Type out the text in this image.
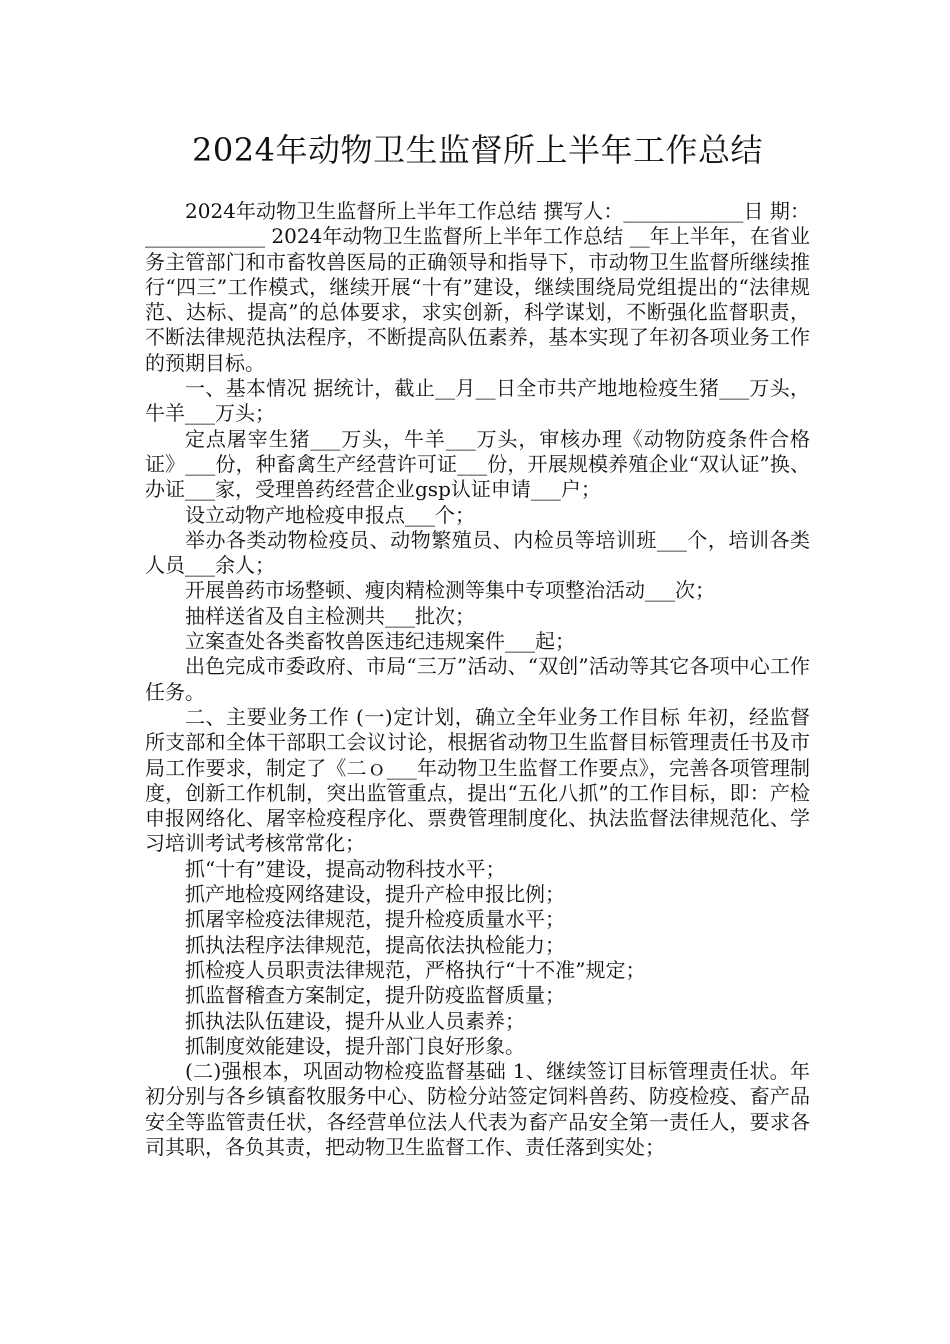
2024年动物卫生监督所上半年工作总结

2024年动物卫生监督所上半年工作总结 撰写人：____________日 期：____________ 2024年动物卫生监督所上半年工作总结 __年上半年，在省业务主管部门和市畜牧兽医局的正确领导和指导下，市动物卫生监督所继续推行“四三”工作模式，继续开展“十有”建设，继续围绕局党组提出的“法律规范、达标、提高”的总体要求，求实创新，科学谋划，不断强化监督职责，不断法律规范执法程序，不断提高队伍素养，基本实现了年初各项业务工作的预期目标。

一、基本情况 据统计，截止__月__日全市共产地地检疫生猪___万头，牛羊___万头；

定点屠宰生猪___万头，牛羊___万头，审核办理《动物防疫条件合格证》___份，种畜禽生产经营许可证___份，开展规模养殖企业“双认证”换、办证___家，受理兽药经营企业gsp认证申请___户；

设立动物产地检疫申报点___个；

举办各类动物检疫员、动物繁殖员、内检员等培训班___个，培训各类人员___余人；

开展兽药市场整顿、瘦肉精检测等集中专项整治活动___次；

抽样送省及自主检测共___批次；

立案查处各类畜牧兽医违纪违规案件___起；

出色完成市委政府、市局“三万”活动、“双创”活动等其它各项中心工作任务。

二、主要业务工作 (一)定计划，确立全年业务工作目标 年初，经监督所支部和全体干部职工会议讨论，根据省动物卫生监督目标管理责任书及市局工作要求，制定了《二ｏ___年动物卫生监督工作要点》，完善各项管理制度，创新工作机制，突出监管重点，提出“五化八抓”的工作目标，即：产检申报网络化、屠宰检疫程序化、票费管理制度化、执法监督法律规范化、学习培训考试考核常常化；

抓“十有”建设，提高动物科技水平；

抓产地检疫网络建设，提升产检申报比例；

抓屠宰检疫法律规范，提升检疫质量水平；

抓执法程序法律规范，提高依法执检能力；

抓检疫人员职责法律规范，严格执行“十不准”规定；

抓监督稽查方案制定，提升防疫监督质量；

抓执法队伍建设，提升从业人员素养；

抓制度效能建设，提升部门良好形象。

(二)强根本，巩固动物检疫监督基础 1、继续签订目标管理责任状。年初分别与各乡镇畜牧服务中心、防检分站签定饲料兽药、防疫检疫、畜产品安全等监管责任状，各经营单位法人代表为畜产品安全第一责任人，要求各司其职，各负其责，把动物卫生监督工作、责任落到实处；
